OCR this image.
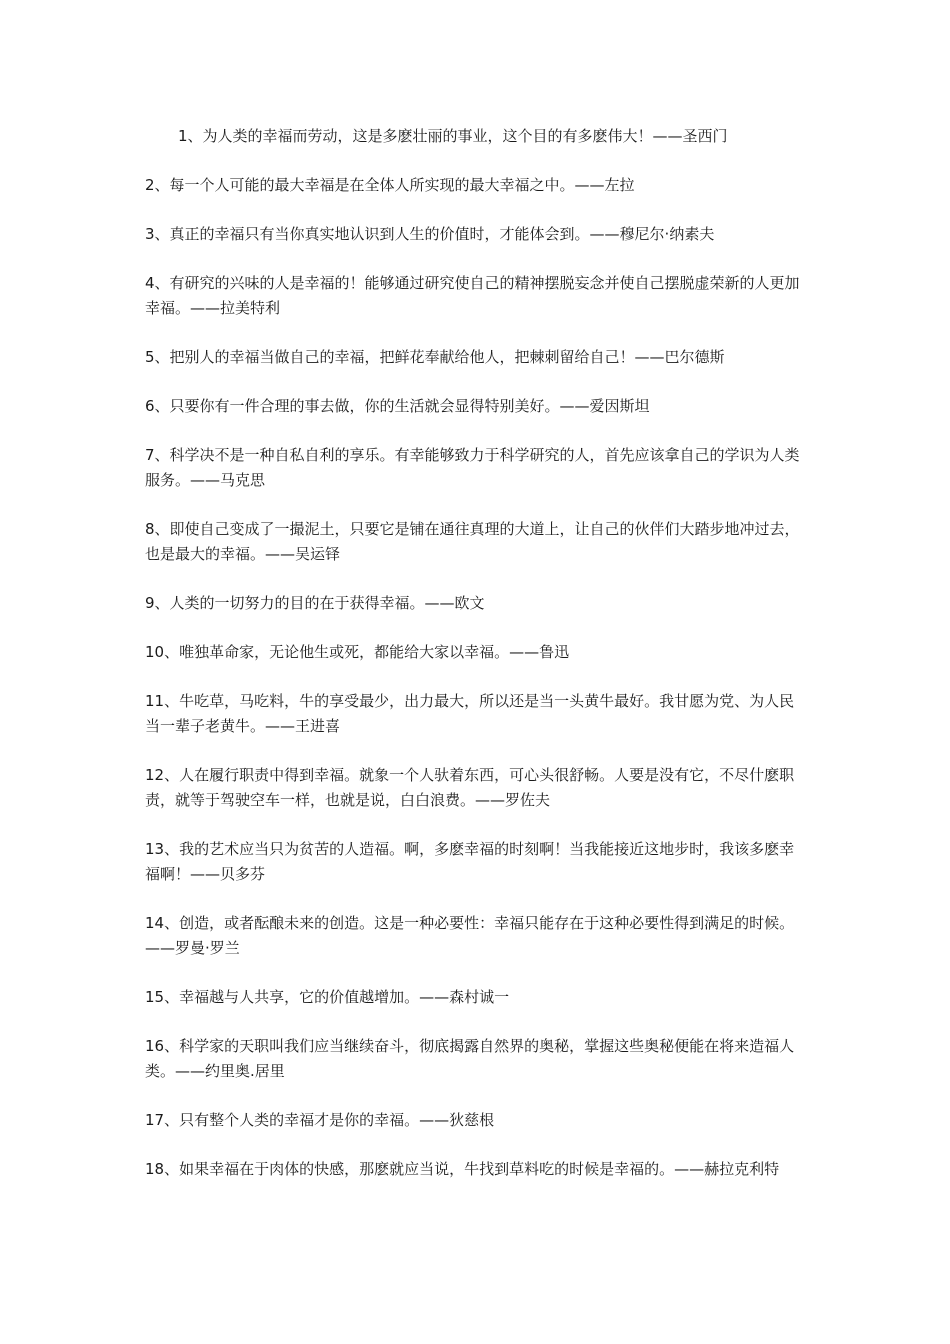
1、为人类的幸福而劳动，这是多麽壮丽的事业，这个目的有多麽伟大！——圣西门

2、每一个人可能的最大幸福是在全体人所实现的最大幸福之中。——左拉

3、真正的幸福只有当你真实地认识到人生的价值时，才能体会到。——穆尼尔·纳素夫

4、有研究的兴味的人是幸福的！能够通过研究使自己的精神摆脱妄念并使自己摆脱虚荣新的人更加幸福。——拉美特利

5、把别人的幸福当做自己的幸福，把鲜花奉献给他人，把棘刺留给自己！——巴尔德斯

6、只要你有一件合理的事去做，你的生活就会显得特别美好。——爱因斯坦

7、科学决不是一种自私自利的享乐。有幸能够致力于科学研究的人，首先应该拿自己的学识为人类服务。——马克思

8、即使自己变成了一撮泥土，只要它是铺在通往真理的大道上，让自己的伙伴们大踏步地冲过去，也是最大的幸福。——吴运铎

9、人类的一切努力的目的在于获得幸福。——欧文

10、唯独革命家，无论他生或死，都能给大家以幸福。——鲁迅

11、牛吃草，马吃料，牛的享受最少，出力最大，所以还是当一头黄牛最好。我甘愿为党、为人民当一辈子老黄牛。——王进喜

12、人在履行职责中得到幸福。就象一个人驮着东西，可心头很舒畅。人要是没有它，不尽什麽职责，就等于驾驶空车一样，也就是说，白白浪费。——罗佐夫

13、我的艺术应当只为贫苦的人造福。啊，多麽幸福的时刻啊！当我能接近这地步时，我该多麽幸福啊！——贝多芬

14、创造，或者酝酿未来的创造。这是一种必要性：幸福只能存在于这种必要性得到满足的时候。——罗曼·罗兰

15、幸福越与人共享，它的价值越增加。——森村诚一

16、科学家的天职叫我们应当继续奋斗，彻底揭露自然界的奥秘，掌握这些奥秘便能在将来造福人类。——约里奥.居里

17、只有整个人类的幸福才是你的幸福。——狄慈根

18、如果幸福在于肉体的快感，那麽就应当说，牛找到草料吃的时候是幸福的。——赫拉克利特
